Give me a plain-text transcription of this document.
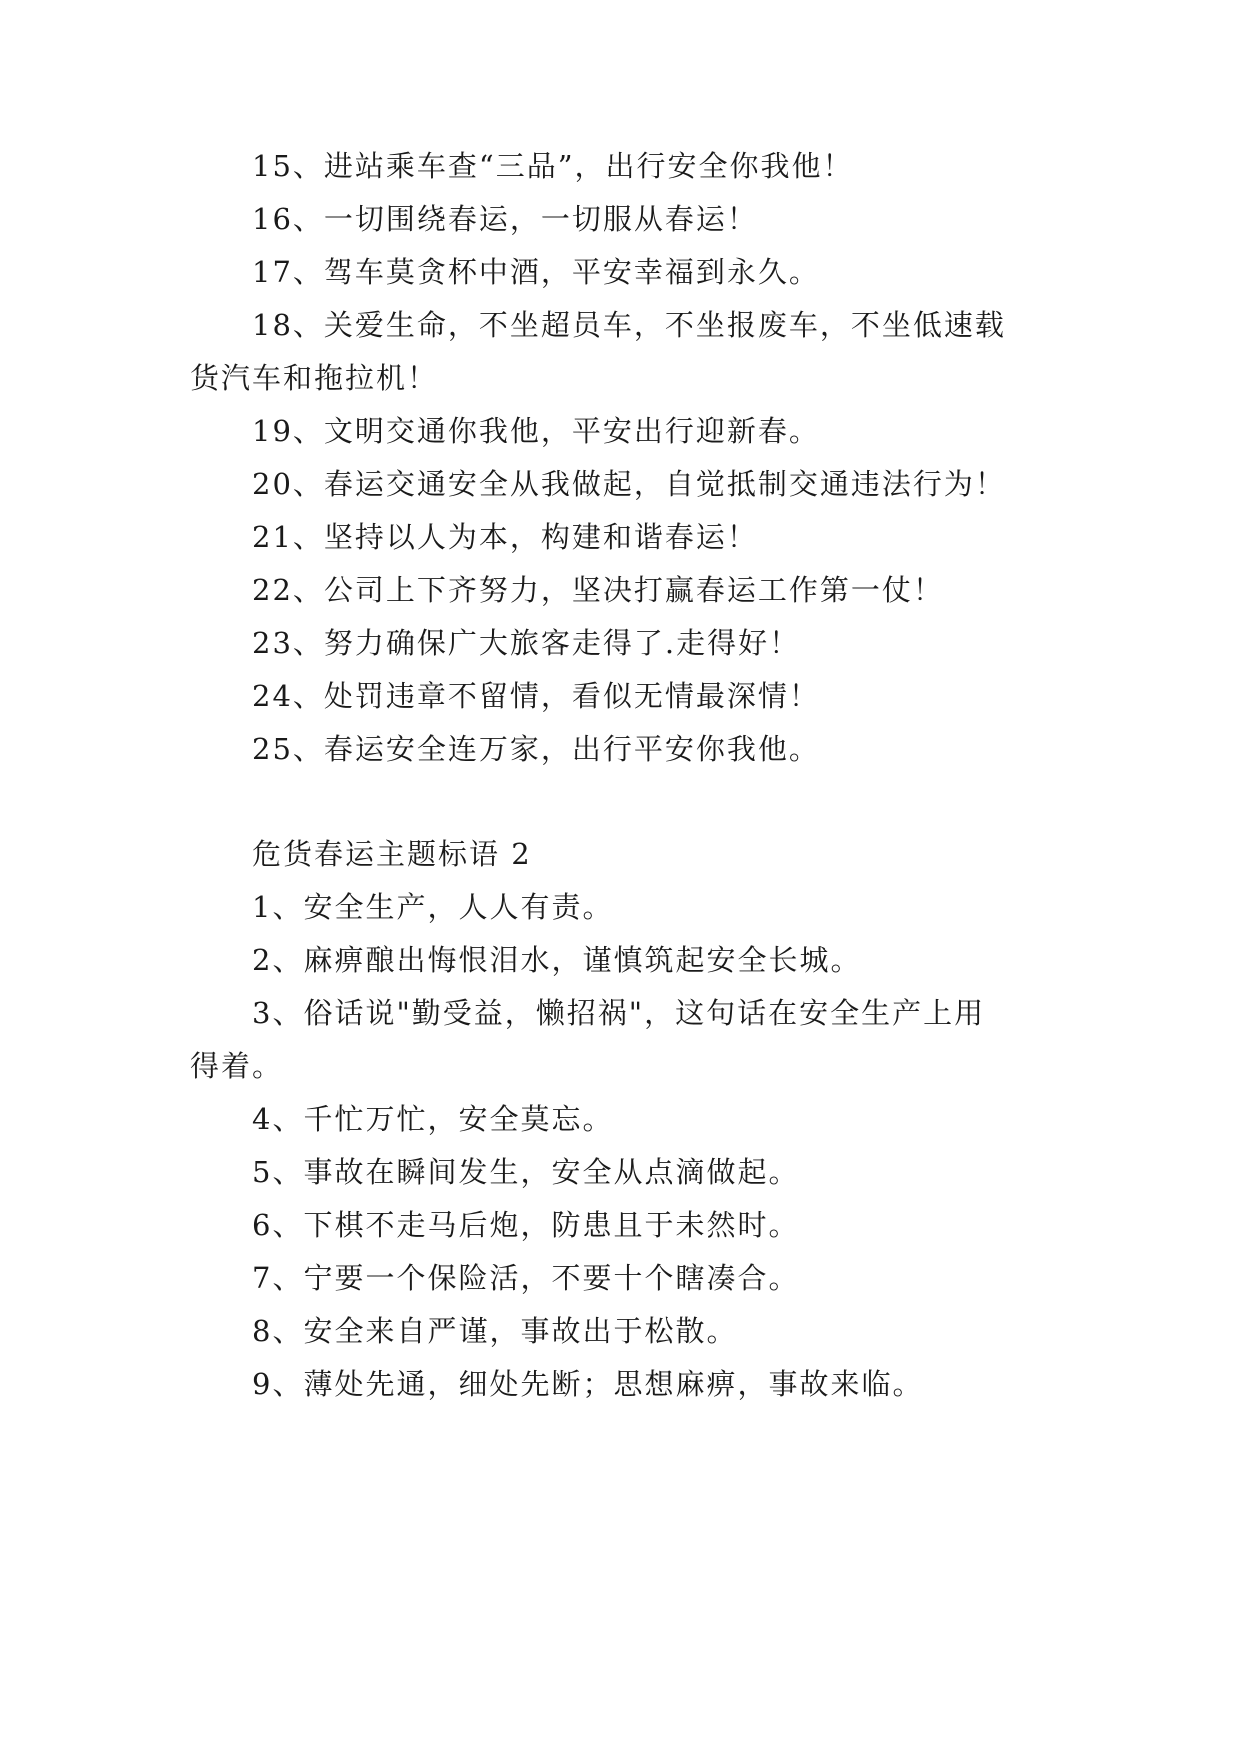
15、进站乘车查“三品”，出行安全你我他！
16、一切围绕春运，一切服从春运！
17、驾车莫贪杯中酒，平安幸福到永久。
18、关爱生命，不坐超员车，不坐报废车，不坐低速载
货汽车和拖拉机！
19、文明交通你我他，平安出行迎新春。
20、春运交通安全从我做起，自觉抵制交通违法行为！
21、坚持以人为本，构建和谐春运！
22、公司上下齐努力，坚决打赢春运工作第一仗！
23、努力确保广大旅客走得了.走得好！
24、处罚违章不留情，看似无情最深情！
25、春运安全连万家，出行平安你我他。
危货春运主题标语 2
1、安全生产，人人有责。
2、麻痹酿出悔恨泪水，谨慎筑起安全长城。
3、俗话说"勤受益，懒招祸"，这句话在安全生产上用
得着。
4、千忙万忙，安全莫忘。
5、事故在瞬间发生，安全从点滴做起。
6、下棋不走马后炮，防患且于未然时。
7、宁要一个保险活，不要十个瞎凑合。
8、安全来自严谨，事故出于松散。
9、薄处先通，细处先断；思想麻痹，事故来临。
